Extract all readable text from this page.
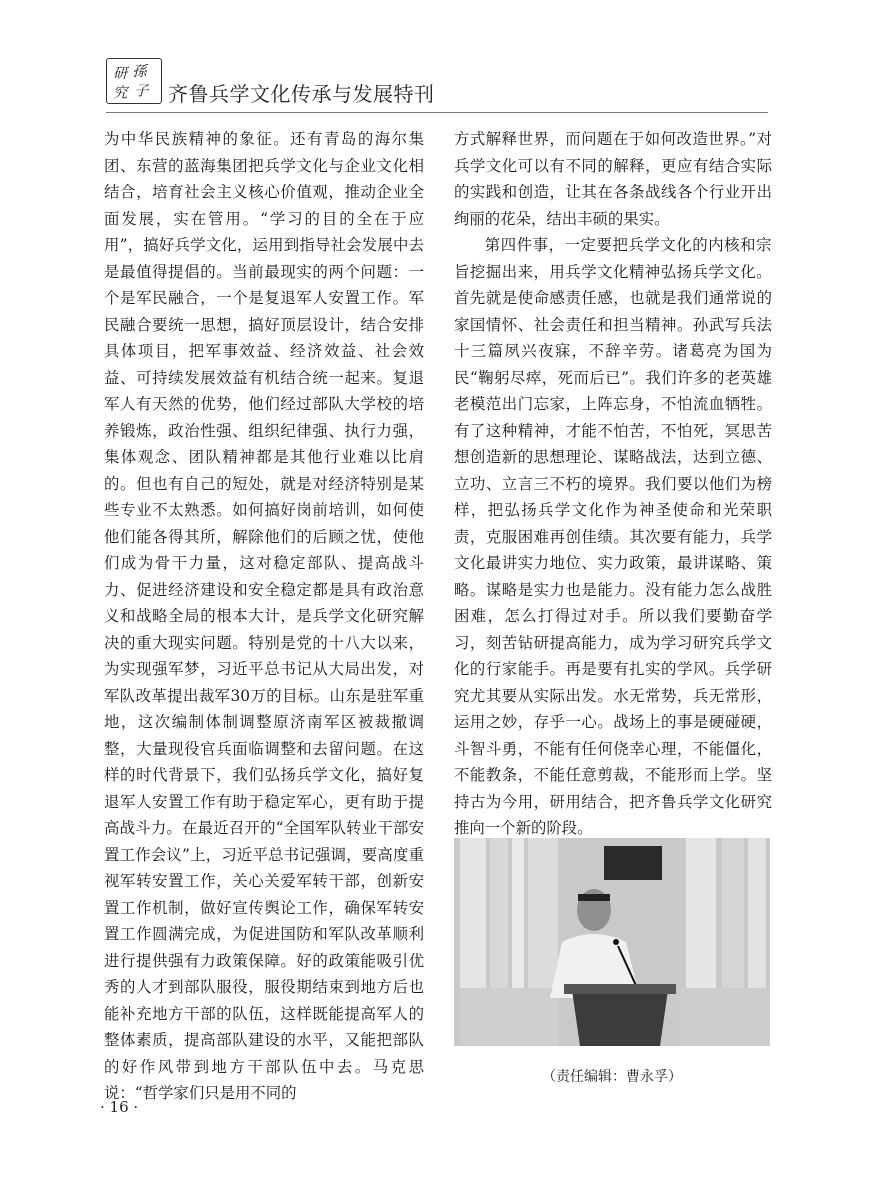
研 孫
究 子 齐鲁兵学文化传承与发展特刊

为中华民族精神的象征。还有青岛的海尔集团、东营的蓝海集团把兵学文化与企业文化相结合，培育社会主义核心价值观，推动企业全面发展，实在管用。“学习的目的全在于应用”，搞好兵学文化，运用到指导社会发展中去是最值得提倡的。当前最现实的两个问题：一个是军民融合，一个是复退军人安置工作。军民融合要统一思想，搞好顶层设计，结合安排具体项目，把军事效益、经济效益、社会效益、可持续发展效益有机结合统一起来。复退军人有天然的优势，他们经过部队大学校的培养锻炼，政治性强、组织纪律强、执行力强，集体观念、团队精神都是其他行业难以比肩的。但也有自己的短处，就是对经济特别是某些专业不太熟悉。如何搞好岗前培训，如何使他们能各得其所，解除他们的后顾之忧，使他们成为骨干力量，这对稳定部队、提高战斗力、促进经济建设和安全稳定都是具有政治意义和战略全局的根本大计，是兵学文化研究解决的重大现实问题。特别是党的十八大以来，为实现强军梦，习近平总书记从大局出发，对军队改革提出裁军30万的目标。山东是驻军重地，这次编制体制调整原济南军区被裁撤调整，大量现役官兵面临调整和去留问题。在这样的时代背景下，我们弘扬兵学文化，搞好复退军人安置工作有助于稳定军心，更有助于提高战斗力。在最近召开的“全国军队转业干部安置工作会议”上，习近平总书记强调，要高度重视军转安置工作，关心关爱军转干部，创新安置工作机制，做好宣传舆论工作，确保军转安置工作圆满完成，为促进国防和军队改革顺利进行提供强有力政策保障。好的政策能吸引优秀的人才到部队服役，服役期结束到地方后也能补充地方干部的队伍，这样既能提高军人的整体素质，提高部队建设的水平，又能把部队的好作风带到地方干部队伍中去。马克思说：“哲学家们只是用不同的

方式解释世界，而问题在于如何改造世界。”对兵学文化可以有不同的解释，更应有结合实际的实践和创造，让其在各条战线各个行业开出绚丽的花朵，结出丰硕的果实。

第四件事，一定要把兵学文化的内核和宗旨挖掘出来，用兵学文化精神弘扬兵学文化。首先就是使命感责任感，也就是我们通常说的家国情怀、社会责任和担当精神。孙武写兵法十三篇夙兴夜寐，不辞辛劳。诸葛亮为国为民“鞠躬尽瘁，死而后已”。我们许多的老英雄老模范出门忘家，上阵忘身，不怕流血牺牲。有了这种精神，才能不怕苦，不怕死，冥思苦想创造新的思想理论、谋略战法，达到立德、立功、立言三不朽的境界。我们要以他们为榜样，把弘扬兵学文化作为神圣使命和光荣职责，克服困难再创佳绩。其次要有能力，兵学文化最讲实力地位、实力政策，最讲谋略、策略。谋略是实力也是能力。没有能力怎么战胜困难，怎么打得过对手。所以我们要勤奋学习，刻苦钻研提高能力，成为学习研究兵学文化的行家能手。再是要有扎实的学风。兵学研究尤其要从实际出发。水无常势，兵无常形，运用之妙，存乎一心。战场上的事是硬碰硬，斗智斗勇，不能有任何侥幸心理，不能僵化，不能教条，不能任意剪裁，不能形而上学。坚持古为今用，研用结合，把齐鲁兵学文化研究推向一个新的阶段。

（责任编辑：曹永孚）
· 16 ·
